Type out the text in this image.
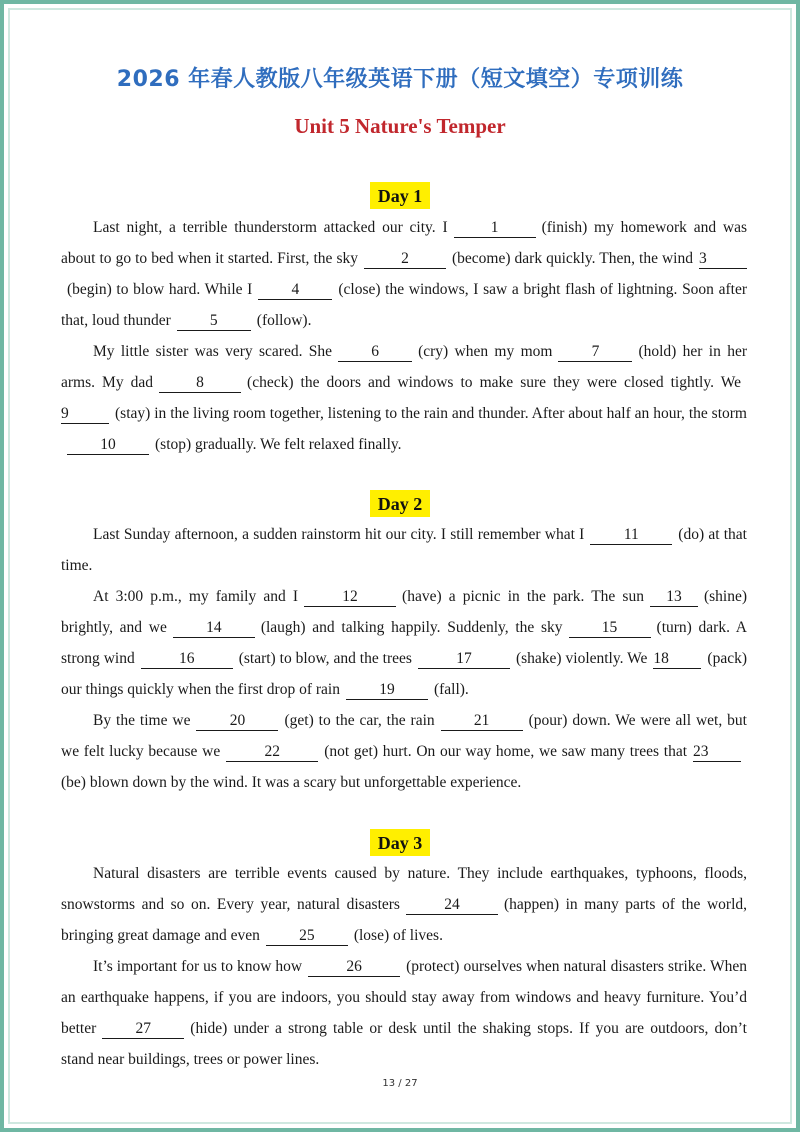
2026 年春人教版八年级英语下册（短文填空）专项训练
Unit 5 Nature's Temper
Day 1

Last night, a terrible thunderstorm attacked our city. I	1	(finish) my homework and was about to go to bed when it started. First, the sky	2	(become) dark quickly. Then, the wind 3(begin) to blow hard. While I	4	(close) the windows, I saw a bright flash of lightning. Soon after that, loud thunder	5	(follow).

My little sister was very scared. She	6	(cry) when my mom	7	(hold) her in her arms. My dad	8	(check) the doors and windows to make sure they were closed tightly. We9	(stay) in the living room together, listening to the rain and thunder. After about half an hour, the storm10	(stop) gradually. We felt relaxed finally.

Day 2

Last Sunday afternoon, a sudden rainstorm hit our city. I still remember what I	11	(do) at that time.

At 3:00 p.m., my family and I	12	(have) a picnic in the park. The sun 13 (shine) brightly, and we	14	(laugh) and talking happily. Suddenly, the sky	15	(turn) dark. A strong wind	16	(start) to blow, and the trees	17	(shake) violently. We 18 (pack) our things quickly when the first drop of rain	19	(fall).

By the time we	20	(get) to the car, the rain	21	(pour) down. We were all wet, but we felt lucky because we	22	(not get) hurt. On our way home, we saw many trees that 23(be) blown down by the wind. It was a scary but unforgettable experience.

Day 3

Natural disasters are terrible events caused by nature. They include earthquakes, typhoons, floods, snowstorms and so on. Every year, natural disasters	24	(happen) in many parts of the world, bringing great damage and even	25	(lose) of lives.

It’s important for us to know how	26	(protect) ourselves when natural disasters strike. When an earthquake happens, if you are indoors, you should stay away from windows and heavy furniture. You’d better	27	(hide) under a strong table or desk until the shaking stops. If you are outdoors, don’t stand near buildings, trees or power lines.

13 / 27
